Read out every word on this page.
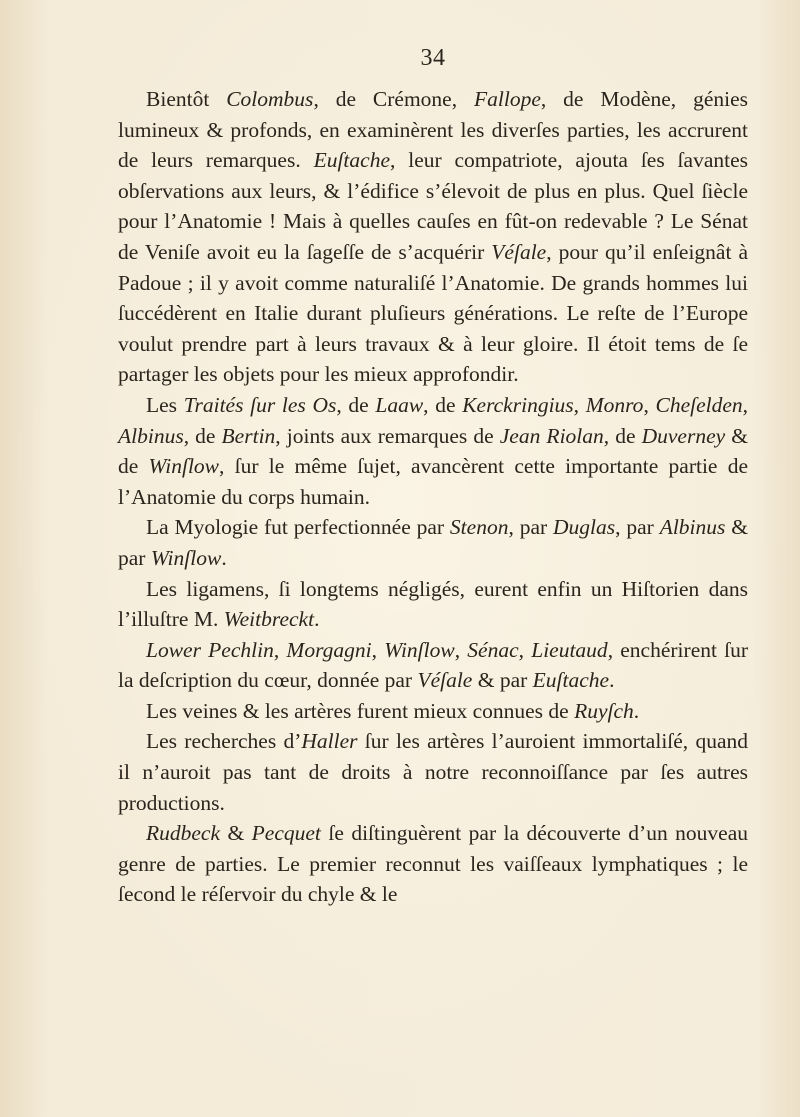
34

Bientôt Colombus, de Crémone, Fallope, de Modène, génies lumineux & profonds, en examinèrent les diverſes parties, les accrurent de leurs remarques. Euſtache, leur compatriote, ajouta ſes ſavantes obſervations aux leurs, & l’édifice s’élevoit de plus en plus. Quel ſiècle pour l’Anatomie ! Mais à quelles cauſes en fût-on redevable ? Le Sénat de Veniſe avoit eu la ſageſſe de s’acquérir Véſale, pour qu’il enſeignât à Padoue ; il y avoit comme naturaliſé l’Anatomie. De grands hommes lui ſuccédèrent en Italie durant pluſieurs générations. Le reſte de l’Europe voulut prendre part à leurs travaux & à leur gloire. Il étoit tems de ſe partager les objets pour les mieux approfondir.

Les Traités ſur les Os, de Laaw, de Kerckringius, Monro, Cheſelden, Albinus, de Bertin, joints aux remarques de Jean Riolan, de Duverney & de Winſlow, ſur le même ſujet, avancèrent cette importante partie de l’Anatomie du corps humain.

La Myologie fut perfectionnée par Stenon, par Duglas, par Albinus & par Winſlow.

Les ligamens, ſi longtems négligés, eurent enfin un Hiſtorien dans l’illuſtre M. Weitbreckt.

Lower Pechlin, Morgagni, Winſlow, Sénac, Lieutaud, enchérirent ſur la deſcription du cœur, donnée par Véſale & par Euſtache.

Les veines & les artères furent mieux connues de Ruyſch.

Les recherches d’Haller ſur les artères l’auroient immortaliſé, quand il n’auroit pas tant de droits à notre reconnoiſſance par ſes autres productions.

Rudbeck & Pecquet ſe diſtinguèrent par la découverte d’un nouveau genre de parties. Le premier reconnut les vaiſſeaux lymphatiques ; le ſecond le réſervoir du chyle & le
